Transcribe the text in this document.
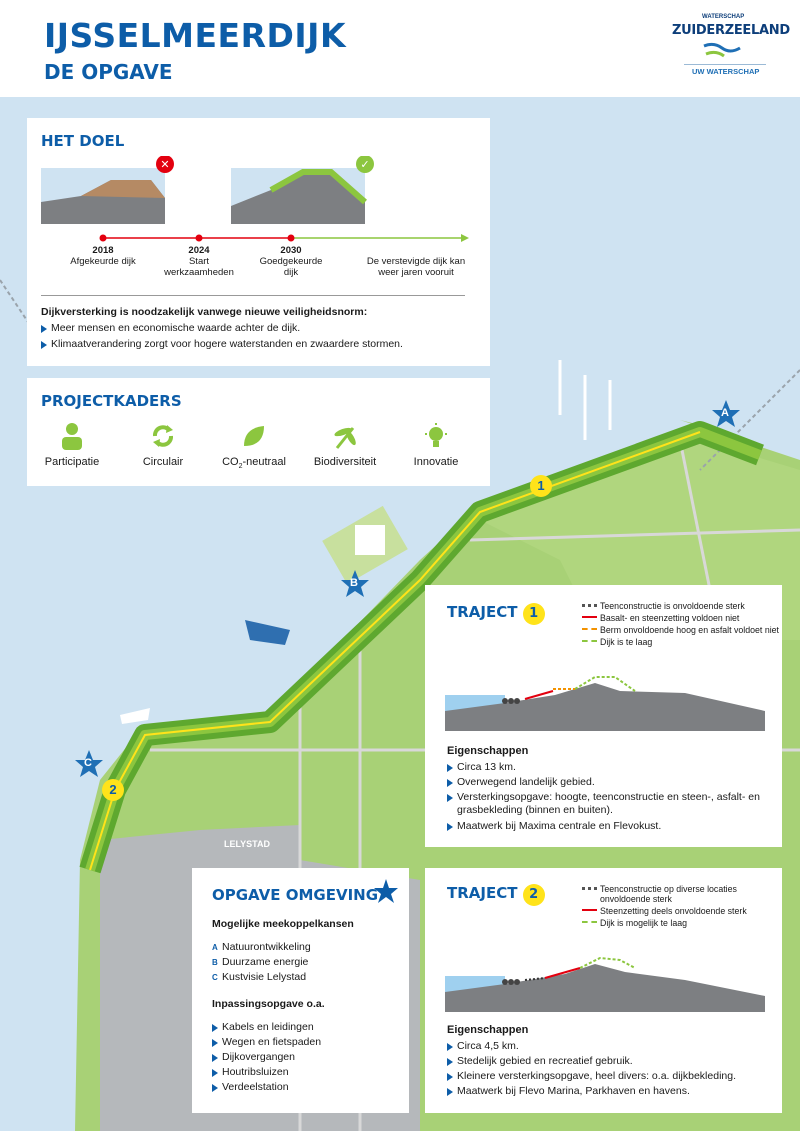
IJSSELMEERDIJK
DE OPGAVE
WATERSCHAP
ZUIDERZEELAND
UW WATERSCHAP
1
2
A
B
C
LELYSTAD
HET DOEL
✕	✓
2018
Afgekeurde dijk
2024
Start werkzaamheden
2030
Goedgekeurde dijk
De verstevigde dijk kan weer jaren vooruit
Dijkversterking is noodzakelijk vanwege nieuwe veiligheidsnorm:
Meer mensen en economische waarde achter de dijk.
Klimaatverandering zorgt voor hogere waterstanden en zwaardere stormen.
PROJECTKADERS
Participatie	Circulair	$CO_2$-neutraal	Biodiversiteit	Innovatie
TRAJECT 1	Teenconstructie is onvoldoende sterk
Basalt- en steenzetting voldoen niet
Berm onvoldoende hoog en asfalt voldoet niet
Dijk is te laag
Eigenschappen
Circa 13 km.
Overwegend landelijk gebied.
Versterkingsopgave: hoogte, teenconstructie en steen-, asfalt- en grasbekleding (binnen en buiten).
Maatwerk bij Maxima centrale en Flevokust.
TRAJECT 2	Teenconstructie op diverse locaties onvoldoende sterk
Steenzetting deels onvoldoende sterk
Dijk is mogelijk te laag
Eigenschappen
Circa 4,5 km.
Stedelijk gebied en recreatief gebruik.
Kleinere versterkingsopgave, heel divers: o.a. dijkbekleding.
Maatwerk bij Flevo Marina, Parkhaven en havens.
OPGAVE OMGEVING
Mogelijke meekoppelkansen
A Natuurontwikkeling
B Duurzame energie
C Kustvisie Lelystad
Inpassingsopgave o.a.
Kabels en leidingen
Wegen en fietspaden
Dijkovergangen
Houtribsluizen
Verdeelstation
